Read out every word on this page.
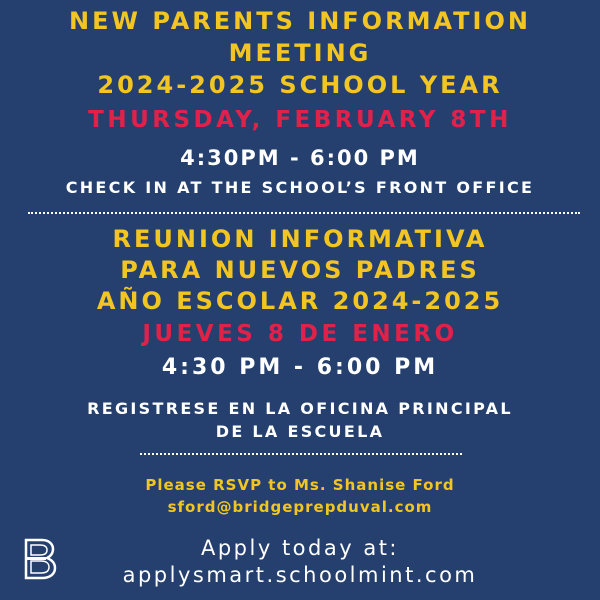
NEW PARENTS INFORMATION
MEETING
2024-2025 SCHOOL YEAR
THURSDAY, FEBRUARY 8TH
4:30PM - 6:00 PM
CHECK IN AT THE SCHOOL’S FRONT OFFICE
REUNION INFORMATIVA
PARA NUEVOS PADRES
AÑO ESCOLAR 2024-2025
JUEVES 8 DE ENERO
4:30 PM - 6:00 PM
REGISTRESE EN LA OFICINA PRINCIPAL
DE LA ESCUELA
Please RSVP to Ms. Shanise Ford
sford@bridgeprepduval.com
Apply today at:
applysmart.schoolmint.com
